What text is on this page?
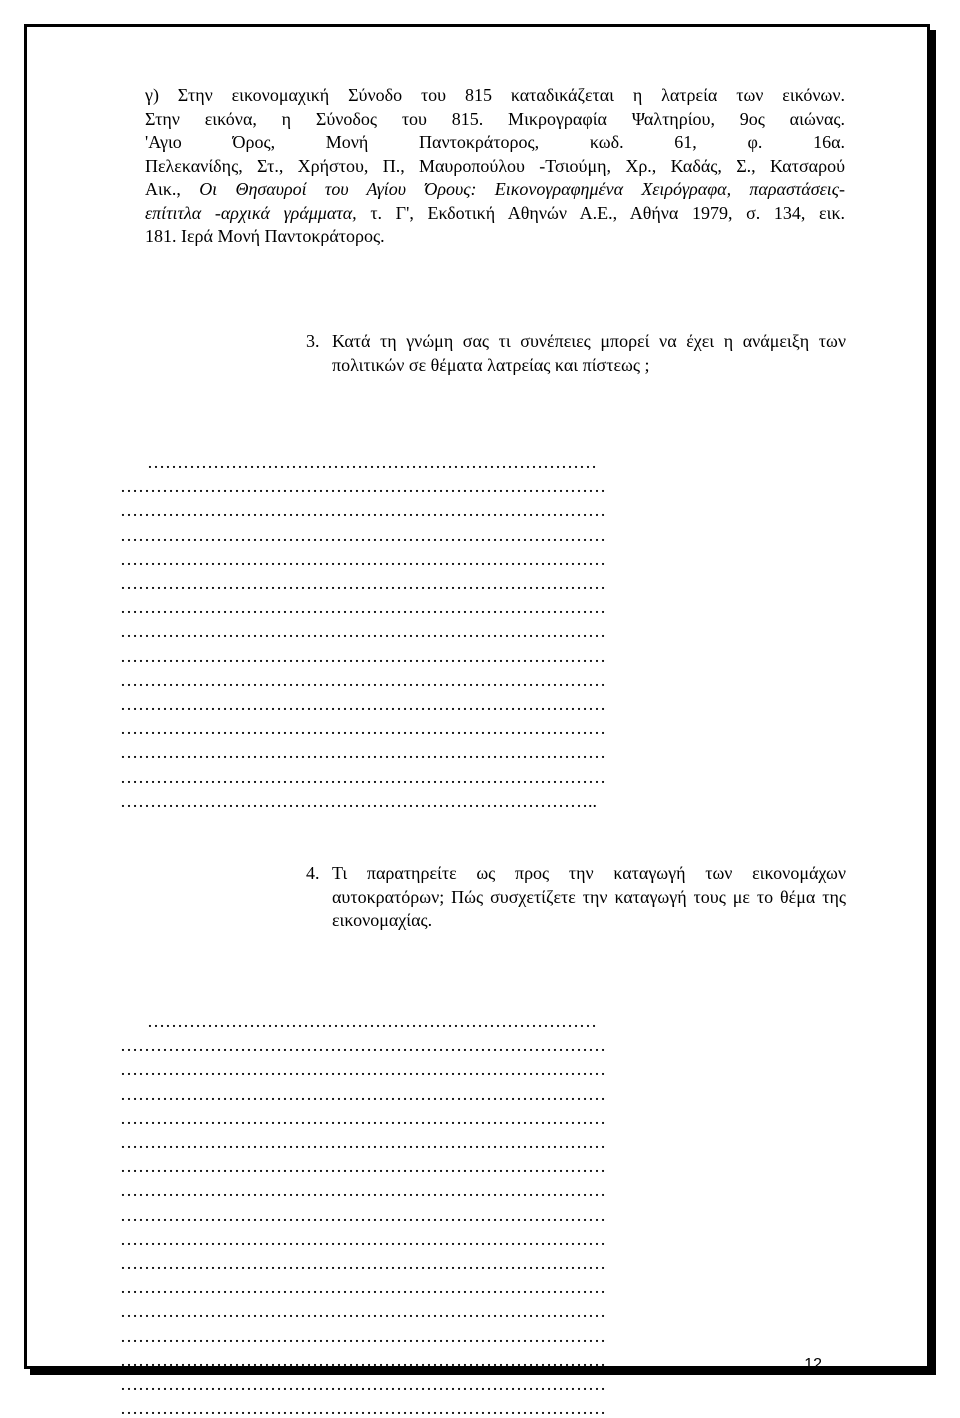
γ) Στην εικονομαχική Σύνοδο του 815 καταδικάζεται η λατρεία των εικόνων.
Στην εικόνα, η Σύνοδος του 815. Μικρογραφία Ψαλτηρίου, 9ος αιώνας.
'Αγιο Όρος, Μονή Παντοκράτορος, κωδ. 61, φ. 16α.
Πελεκανίδης, Στ., Χρήστου, Π., Μαυροπούλου -Τσιούμη, Χρ., Καδάς, Σ., Κατσαρού
Αικ., Οι Θησαυροί του Αγίου Όρους: Εικονογραφημένα Χειρόγραφα, παραστάσεις-
επίτιτλα -αρχικά γράμματα, τ. Γ', Εκδοτική Αθηνών Α.Ε., Αθήνα 1979, σ. 134, εικ.
181. Ιερά Μονή Παντοκράτορος.
3. Κατά τη γνώμη σας τι συνέπειες μπορεί να έχει η ανάμειξη των πολιτικών σε θέματα λατρείας και πίστεως ;
…………………………………………………………………
………………………………………………………………………
………………………………………………………………………
………………………………………………………………………
………………………………………………………………………
………………………………………………………………………
………………………………………………………………………
………………………………………………………………………
………………………………………………………………………
………………………………………………………………………
………………………………………………………………………
………………………………………………………………………
………………………………………………………………………
………………………………………………………………………
……………………………………………………………………..
4. Τι παρατηρείτε ως προς την καταγωγή των εικονομάχων αυτοκρατόρων; Πώς συσχετίζετε την καταγωγή τους με το θέμα της εικονομαχίας.
…………………………………………………………………
………………………………………………………………………
………………………………………………………………………
………………………………………………………………………
………………………………………………………………………
………………………………………………………………………
………………………………………………………………………
………………………………………………………………………
………………………………………………………………………
………………………………………………………………………
………………………………………………………………………
………………………………………………………………………
………………………………………………………………………
………………………………………………………………………
………………………………………………………………………
………………………………………………………………………
………………………………………………………………………
12
